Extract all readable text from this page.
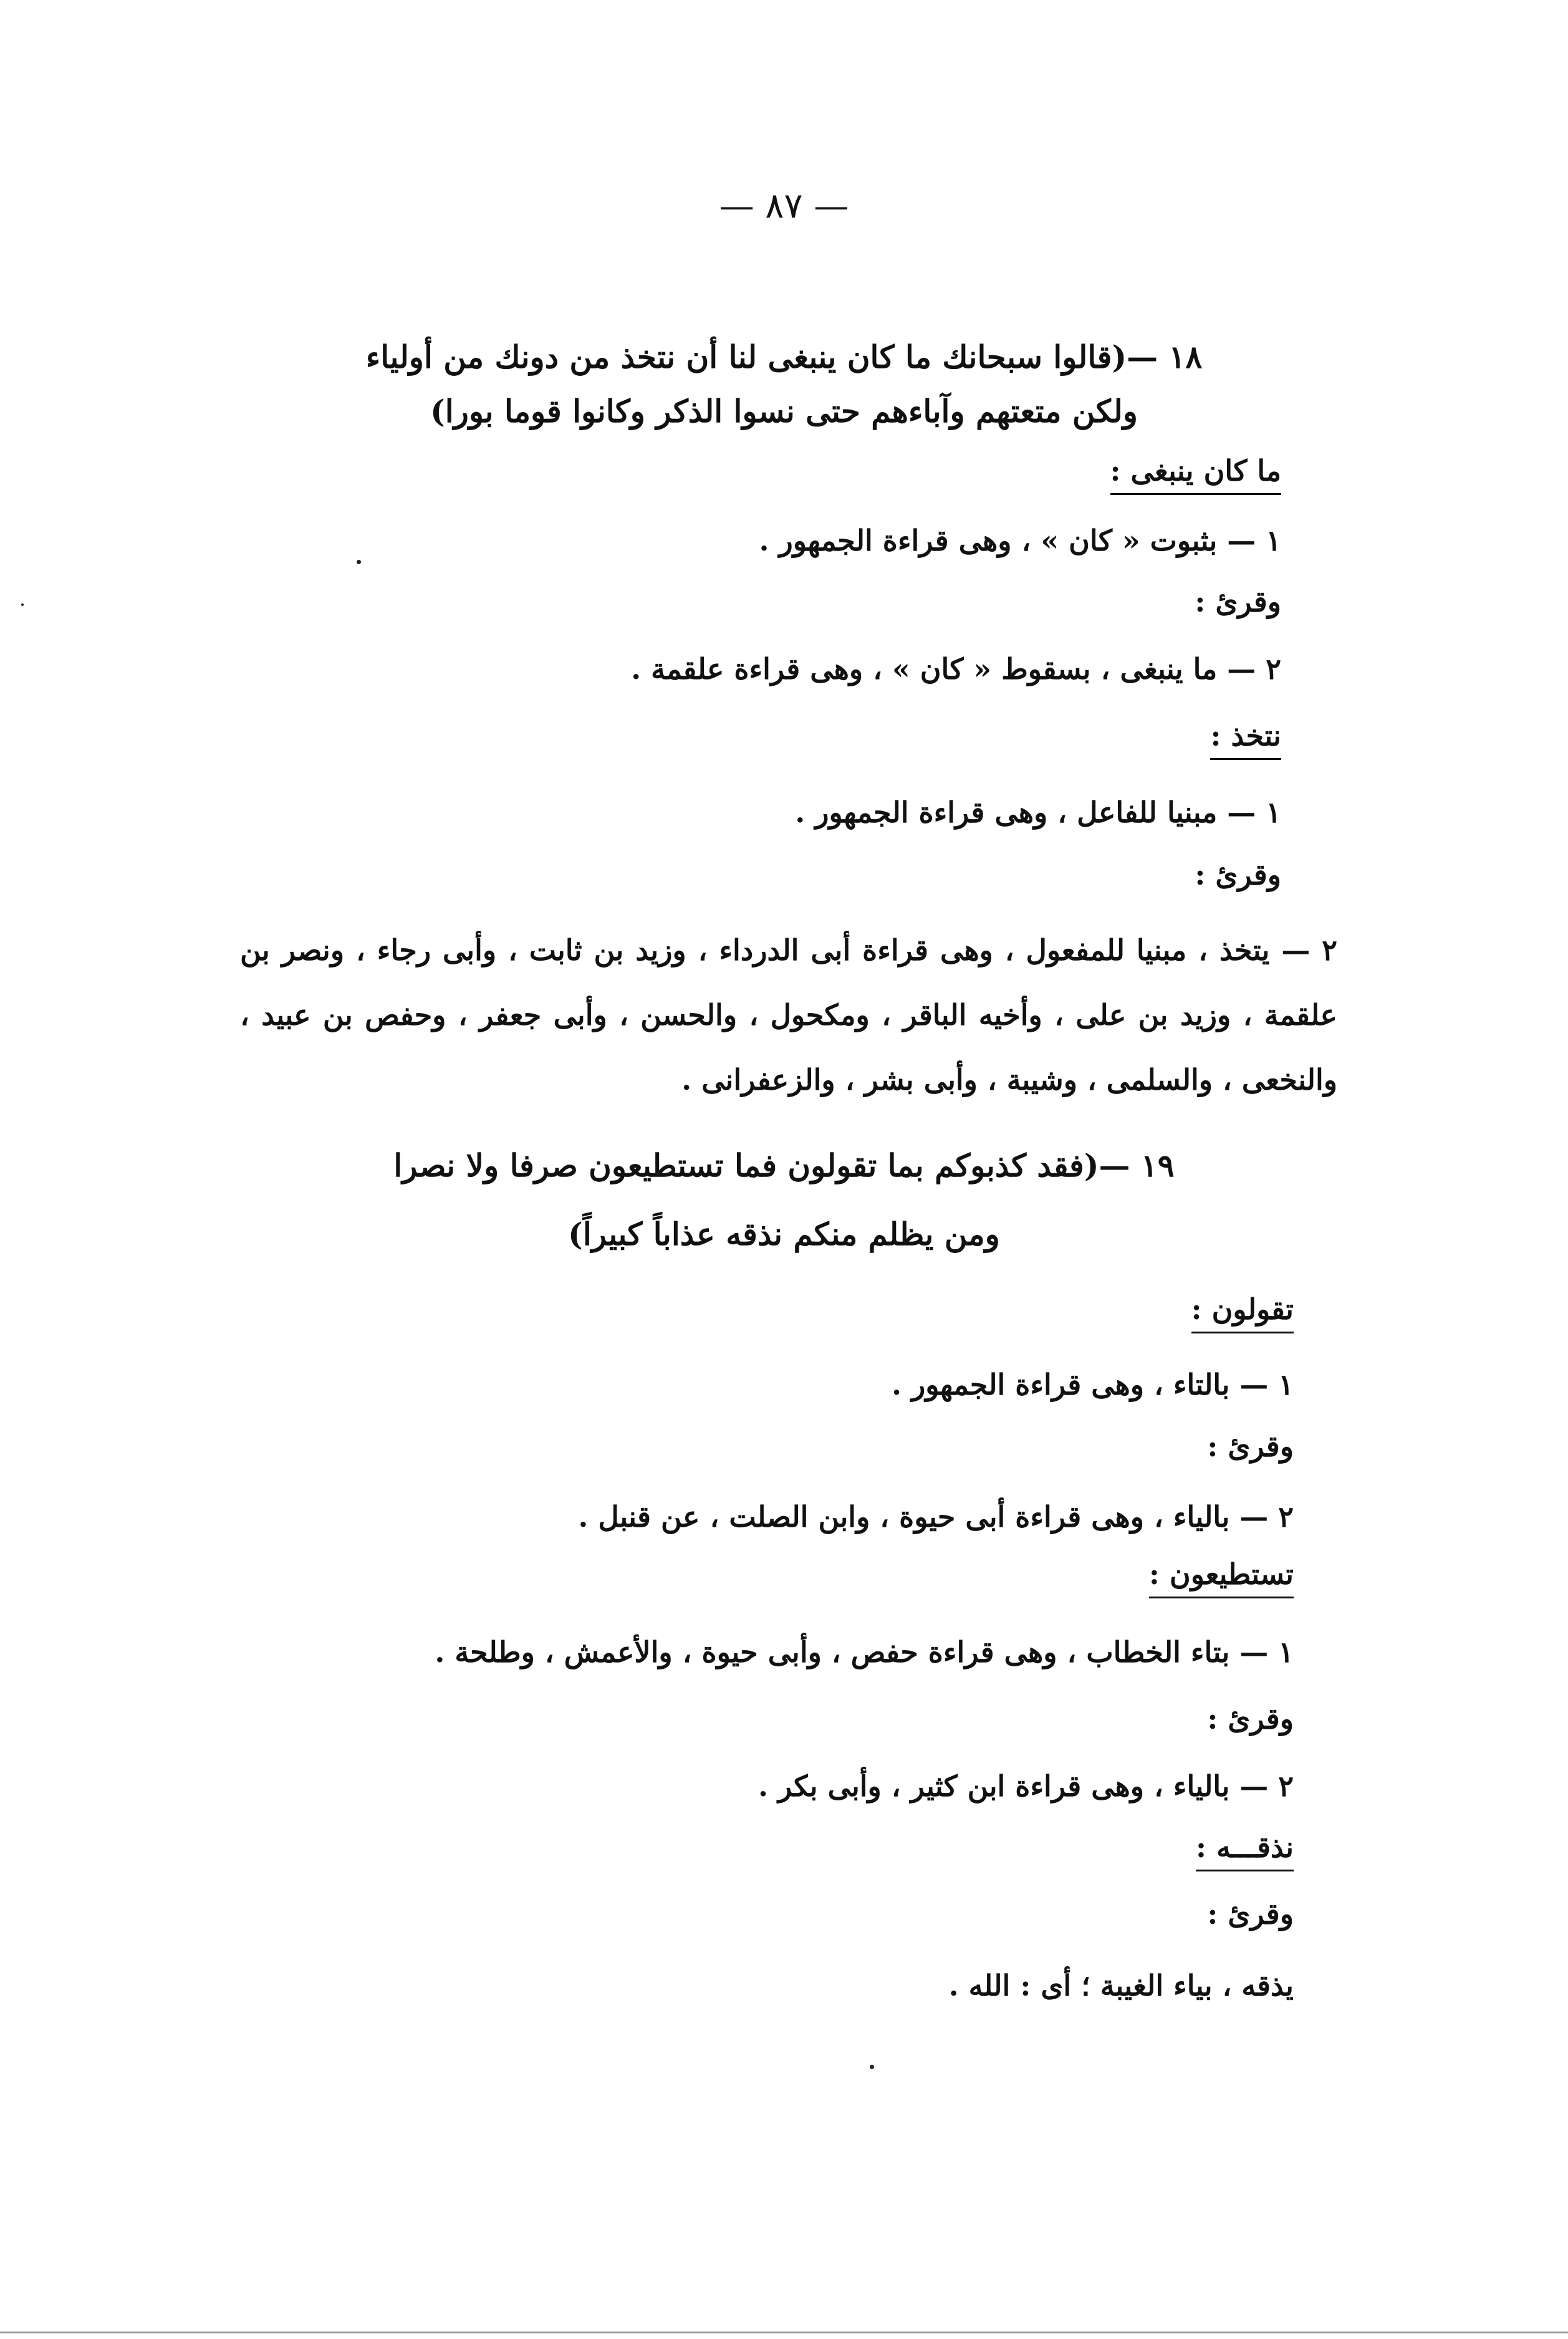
— ٨٧ —
١٨ —(قالوا سبحانك ما كان ينبغى لنا أن نتخذ من دونك من أولياء
ولكن متعتهم وآباءهم حتى نسوا الذكر وكانوا قوما بورا)
ما كان ينبغى :
١ — بثبوت « كان » ، وهى قراءة الجمهور .
وقرئ :
٢ — ما ينبغى ، بسقوط « كان » ، وهى قراءة علقمة .
نتخذ :
١ — مبنيا للفاعل ، وهى قراءة الجمهور .
وقرئ :
٢ — يتخذ ، مبنيا للمفعول ، وهى قراءة أبى الدرداء ، وزيد بن ثابت ، وأبى رجاء ، ونصر بن علقمة ، وزيد بن على ، وأخيه الباقر ، ومكحول ، والحسن ، وأبى جعفر ، وحفص بن عبيد ، والنخعى ، والسلمى ، وشيبة ، وأبى بشر ، والزعفرانى .
١٩ —(فقد كذبوكم بما تقولون فما تستطيعون صرفا ولا نصرا
ومن يظلم منكم نذقه عذاباً كبيراً)
تقولون :
١ — بالتاء ، وهى قراءة الجمهور .
وقرئ :
٢ — بالياء ، وهى قراءة أبى حيوة ، وابن الصلت ، عن قنبل .
تستطيعون :
١ — بتاء الخطاب ، وهى قراءة حفص ، وأبى حيوة ، والأعمش ، وطلحة .
وقرئ :
٢ — بالياء ، وهى قراءة ابن كثير ، وأبى بكر .
نذقـــه :
وقرئ :
يذقه ، بياء الغيبة ؛ أى : الله .
